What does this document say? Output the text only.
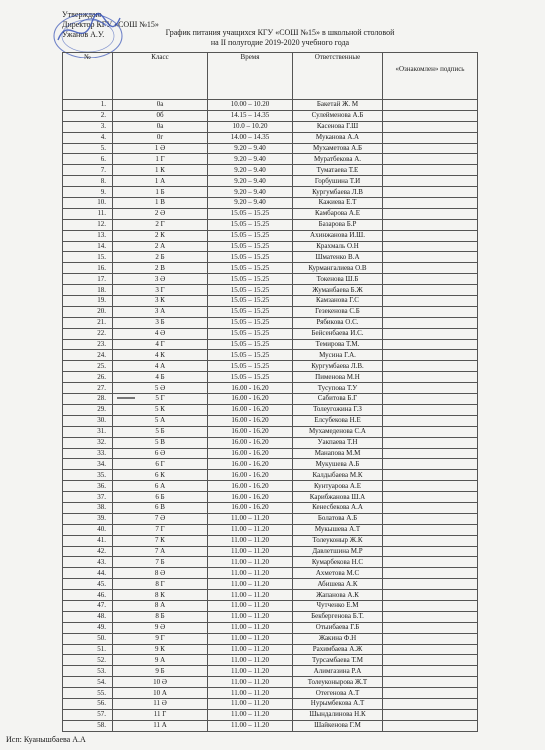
Утверждаю
Директор КГУ «СОШ №15»
Ужанов А.У.	График питания учащихся КГУ «СОШ №15» в школьной столовой
на II полугодие 2019-2020 учебного года
№	Класс	Время	Ответственные	«Ознакомлен» подпись
1.	0а	10.00 – 10.20	Бакетай Ж. М	
2.	0б	14.15 – 14.35	Сулейменова А.Б	
3.	0а	10.0 – 10.20	Касенова Г.Ш	
4.	0г	14.00 – 14.35	Муканова А.А	
5.	1 Ә	9.20 – 9.40	Мухаметова А.Б	
6.	1 Г	9.20 – 9.40	Муратбекова А.	
7.	1 К	9.20 – 9.40	Туматаева Т.Е	
8.	1 А	9.20 – 9.40	Горбушина Т.И	
9.	1 Б	9.20 – 9.40	Кургумбаева Л.В	
10.	1 В	9.20 – 9.40	Кажиева Е.Т	
11.	2 Ә	15.05 – 15.25	Камбарова А.Е	
12.	2 Г	15.05 – 15.25	Базарова Б.Р	
13.	2 К	15.05 – 15.25	Ахинжанова И.Ш.	
14.	2 А	15.05 – 15.25	Крахмаль О.Н	
15.	2 Б	15.05 – 15.25	Шматенко В.А	
16.	2 В	15.05 – 15.25	Курмангалиева О.В	
17.	3 Ә	15.05 – 15.25	Токенова Ш.Б	
18.	3 Г	15.05 – 15.25	Жуманбаева Б.Ж	
19.	3 К	15.05 – 15.25	Камзанова Г.С	
20.	3 А	15.05 – 15.25	Гезекенова С.Б	
21.	3 Б	15.05 – 15.25	Рябикова О.С.	
22.	4 Ә	15.05 – 15.25	Бейсенбаева И.С.	
23.	4 Г	15.05 – 15.25	Темирова Т.М.	
24.	4 К	15.05 – 15.25	Мусина Г.А.	
25.	4 А	15.05 – 15.25	Кургумбаева Л.В.	
26.	4 Б	15.05 – 15.25	Пименова М.Н	
27.	5 Ә	16.00 - 16.20	Тусупова Т.У	
28.	5 Г	16.00 - 16.20	Сабитова Б.Г	
29.	5 К	16.00 - 16.20	Толеугожина Г.З	
30.	5 А	16.00 - 16.20	Елсубекова Н.Е	
31.	5 Б	16.00 - 16.20	Мухамеденова С.А	
32.	5 В	16.00 - 16.20	Уакпаева Т.Н	
33.	6 Ә	16.00 - 16.20	Манапова М.М	
34.	6 Г	16.00 - 16.20	Мукушева А.Б	
35.	6 К	16.00 - 16.20	Калдыбаева М.К	
36.	6 А	16.00 - 16.20	Кунтуарова А.Е	
37.	6 Б	16.00 - 16.20	Карибжанова Ш.А	
38.	6 В	16.00 - 16.20	Кенесбекова А.А	
39.	7 Ә	11.00 – 11.20	Болатова А.Б	
40.	7 Г	11.00 – 11.20	Мукышева А.Т	
41.	7 К	11.00 – 11.20	Толеуконыр Ж.К	
42.	7 А	11.00 – 11.20	Давлетшина М.Р	
43.	7 Б	11.00 – 11.20	Кумарбекова Н.С	
44.	8 Ә	11.00 – 11.20	Ахметова М.С	
45.	8 Г	11.00 – 11.20	Абишева А.К	
46.	8 К	11.00 – 11.20	Жапанова А.К	
47.	8 А	11.00 – 11.20	Чутченко Е.М	
48.	8 Б	11.00 – 11.20	Бекбергенова Б.Т.	
49.	9 Ә	11.00 – 11.20	Отыибаева Г.Б	
50.	9 Г	11.00 – 11.20	Жакина Ф.Н	
51.	9 К	11.00 – 11.20	Рахимбаева А.Ж	
52.	9 А	11.00 – 11.20	Турсамбаева Т.М	
53.	9 Б	11.00 – 11.20	Алимгазина Р.А	
54.	10 Ә	11.00 – 11.20	Толеуконырова Ж.Т	
55.	10 А	11.00 – 11.20	Отегенова А.Т	
56.	11 Ә	11.00 – 11.20	Нурымбекова А.Т	
57.	11 Г	11.00 – 11.20	Шындалинова Н.К	
58.	11 А	11.00 – 11.20	Шайкенова Г.М	
Исп: Куанышбаева А.А
